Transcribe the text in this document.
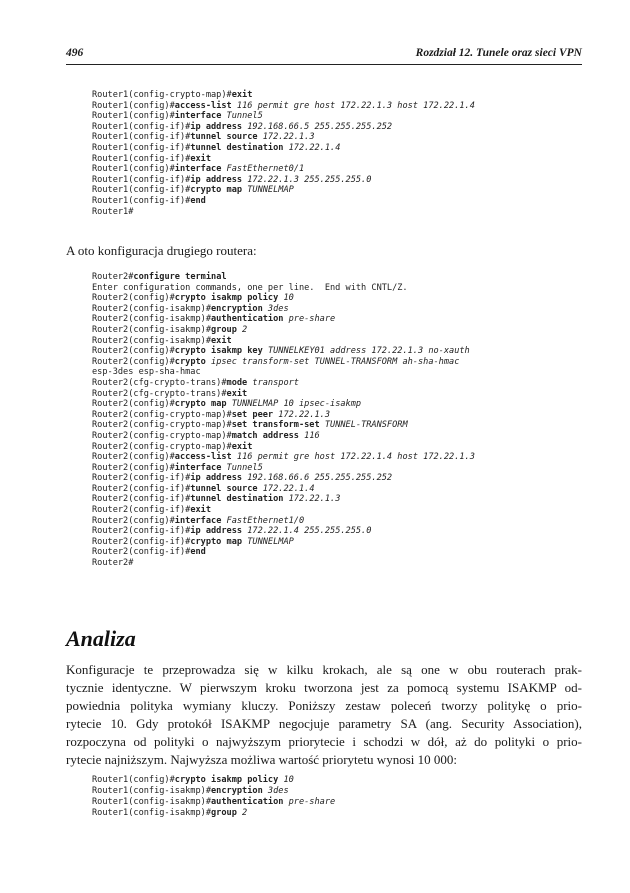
496	Rozdział 12. Tunele oraz sieci VPN
Router1(config-crypto-map)#exit
Router1(config)#access-list 116 permit gre host 172.22.1.3 host 172.22.1.4
Router1(config)#interface Tunnel5
Router1(config-if)#ip address 192.168.66.5 255.255.255.252
Router1(config-if)#tunnel source 172.22.1.3
Router1(config-if)#tunnel destination 172.22.1.4
Router1(config-if)#exit
Router1(config)#interface FastEthernet0/1
Router1(config-if)#ip address 172.22.1.3 255.255.255.0
Router1(config-if)#crypto map TUNNELMAP
Router1(config-if)#end
Router1#
A oto konfiguracja drugiego routera:
Router2#configure terminal
Enter configuration commands, one per line.  End with CNTL/Z.
Router2(config)#crypto isakmp policy 10
Router2(config-isakmp)#encryption 3des
Router2(config-isakmp)#authentication pre-share
Router2(config-isakmp)#group 2
Router2(config-isakmp)#exit
Router2(config)#crypto isakmp key TUNNELKEY01 address 172.22.1.3 no-xauth
Router2(config)#crypto ipsec transform-set TUNNEL-TRANSFORM ah-sha-hmac
esp-3des esp-sha-hmac
Router2(cfg-crypto-trans)#mode transport
Router2(cfg-crypto-trans)#exit
Router2(config)#crypto map TUNNELMAP 10 ipsec-isakmp
Router2(config-crypto-map)#set peer 172.22.1.3
Router2(config-crypto-map)#set transform-set TUNNEL-TRANSFORM
Router2(config-crypto-map)#match address 116
Router2(config-crypto-map)#exit
Router2(config)#access-list 116 permit gre host 172.22.1.4 host 172.22.1.3
Router2(config)#interface Tunnel5
Router2(config-if)#ip address 192.168.66.6 255.255.255.252
Router2(config-if)#tunnel source 172.22.1.4
Router2(config-if)#tunnel destination 172.22.1.3
Router2(config-if)#exit
Router2(config)#interface FastEthernet1/0
Router2(config-if)#ip address 172.22.1.4 255.255.255.0
Router2(config-if)#crypto map TUNNELMAP
Router2(config-if)#end
Router2#
Analiza
Konfiguracje te przeprowadza się w kilku krokach, ale są one w obu routerach prak-
tycznie identyczne. W pierwszym kroku tworzona jest za pomocą systemu ISAKMP od-
powiednia polityka wymiany kluczy. Poniższy zestaw poleceń tworzy politykę o prio-
rytecie 10. Gdy protokół ISAKMP negocjuje parametry SA (ang. Security Association),
rozpoczyna od polityki o najwyższym priorytecie i schodzi w dół, aż do polityki o prio-
rytecie najniższym. Najwyższa możliwa wartość priorytetu wynosi 10 000:
Router1(config)#crypto isakmp policy 10
Router1(config-isakmp)#encryption 3des
Router1(config-isakmp)#authentication pre-share
Router1(config-isakmp)#group 2
